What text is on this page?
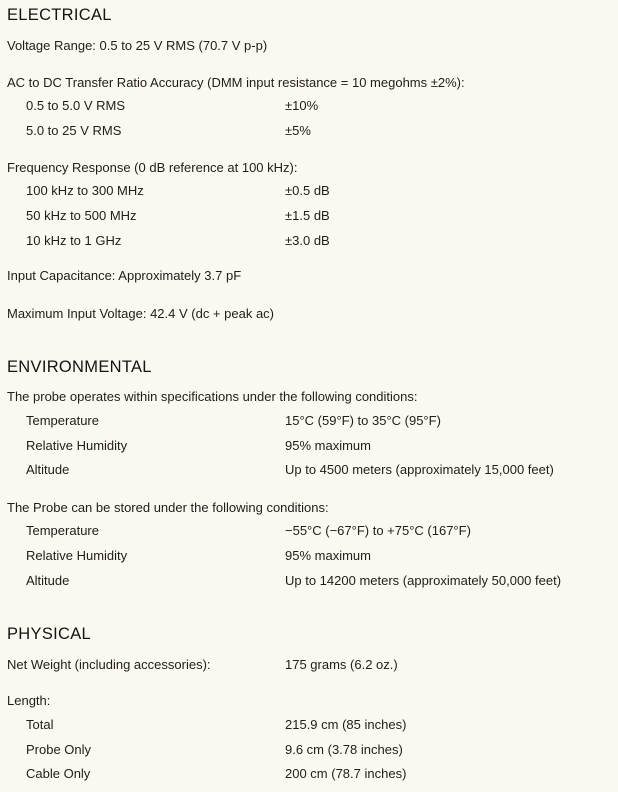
ELECTRICAL
Voltage Range: 0.5 to 25 V RMS (70.7 V p-p)
AC to DC Transfer Ratio Accuracy (DMM input resistance = 10 megohms ±2%):
0.5 to 5.0 V RMS	±10%
5.0 to 25 V RMS	±5%
Frequency Response (0 dB reference at 100 kHz):
100 kHz to 300 MHz	±0.5 dB
50 kHz to 500 MHz	±1.5 dB
10 kHz to 1 GHz	±3.0 dB
Input Capacitance: Approximately 3.7 pF
Maximum Input Voltage: 42.4 V (dc + peak ac)
ENVIRONMENTAL
The probe operates within specifications under the following conditions:
Temperature	15°C (59°F) to 35°C (95°F)
Relative Humidity	95% maximum
Altitude	Up to 4500 meters (approximately 15,000 feet)
The Probe can be stored under the following conditions:
Temperature	−55°C (−67°F) to +75°C (167°F)
Relative Humidity	95% maximum
Altitude	Up to 14200 meters (approximately 50,000 feet)
PHYSICAL
Net Weight (including accessories):	175 grams (6.2 oz.)
Length:
Total	215.9 cm (85 inches)
Probe Only	9.6 cm (3.78 inches)
Cable Only	200 cm (78.7 inches)
